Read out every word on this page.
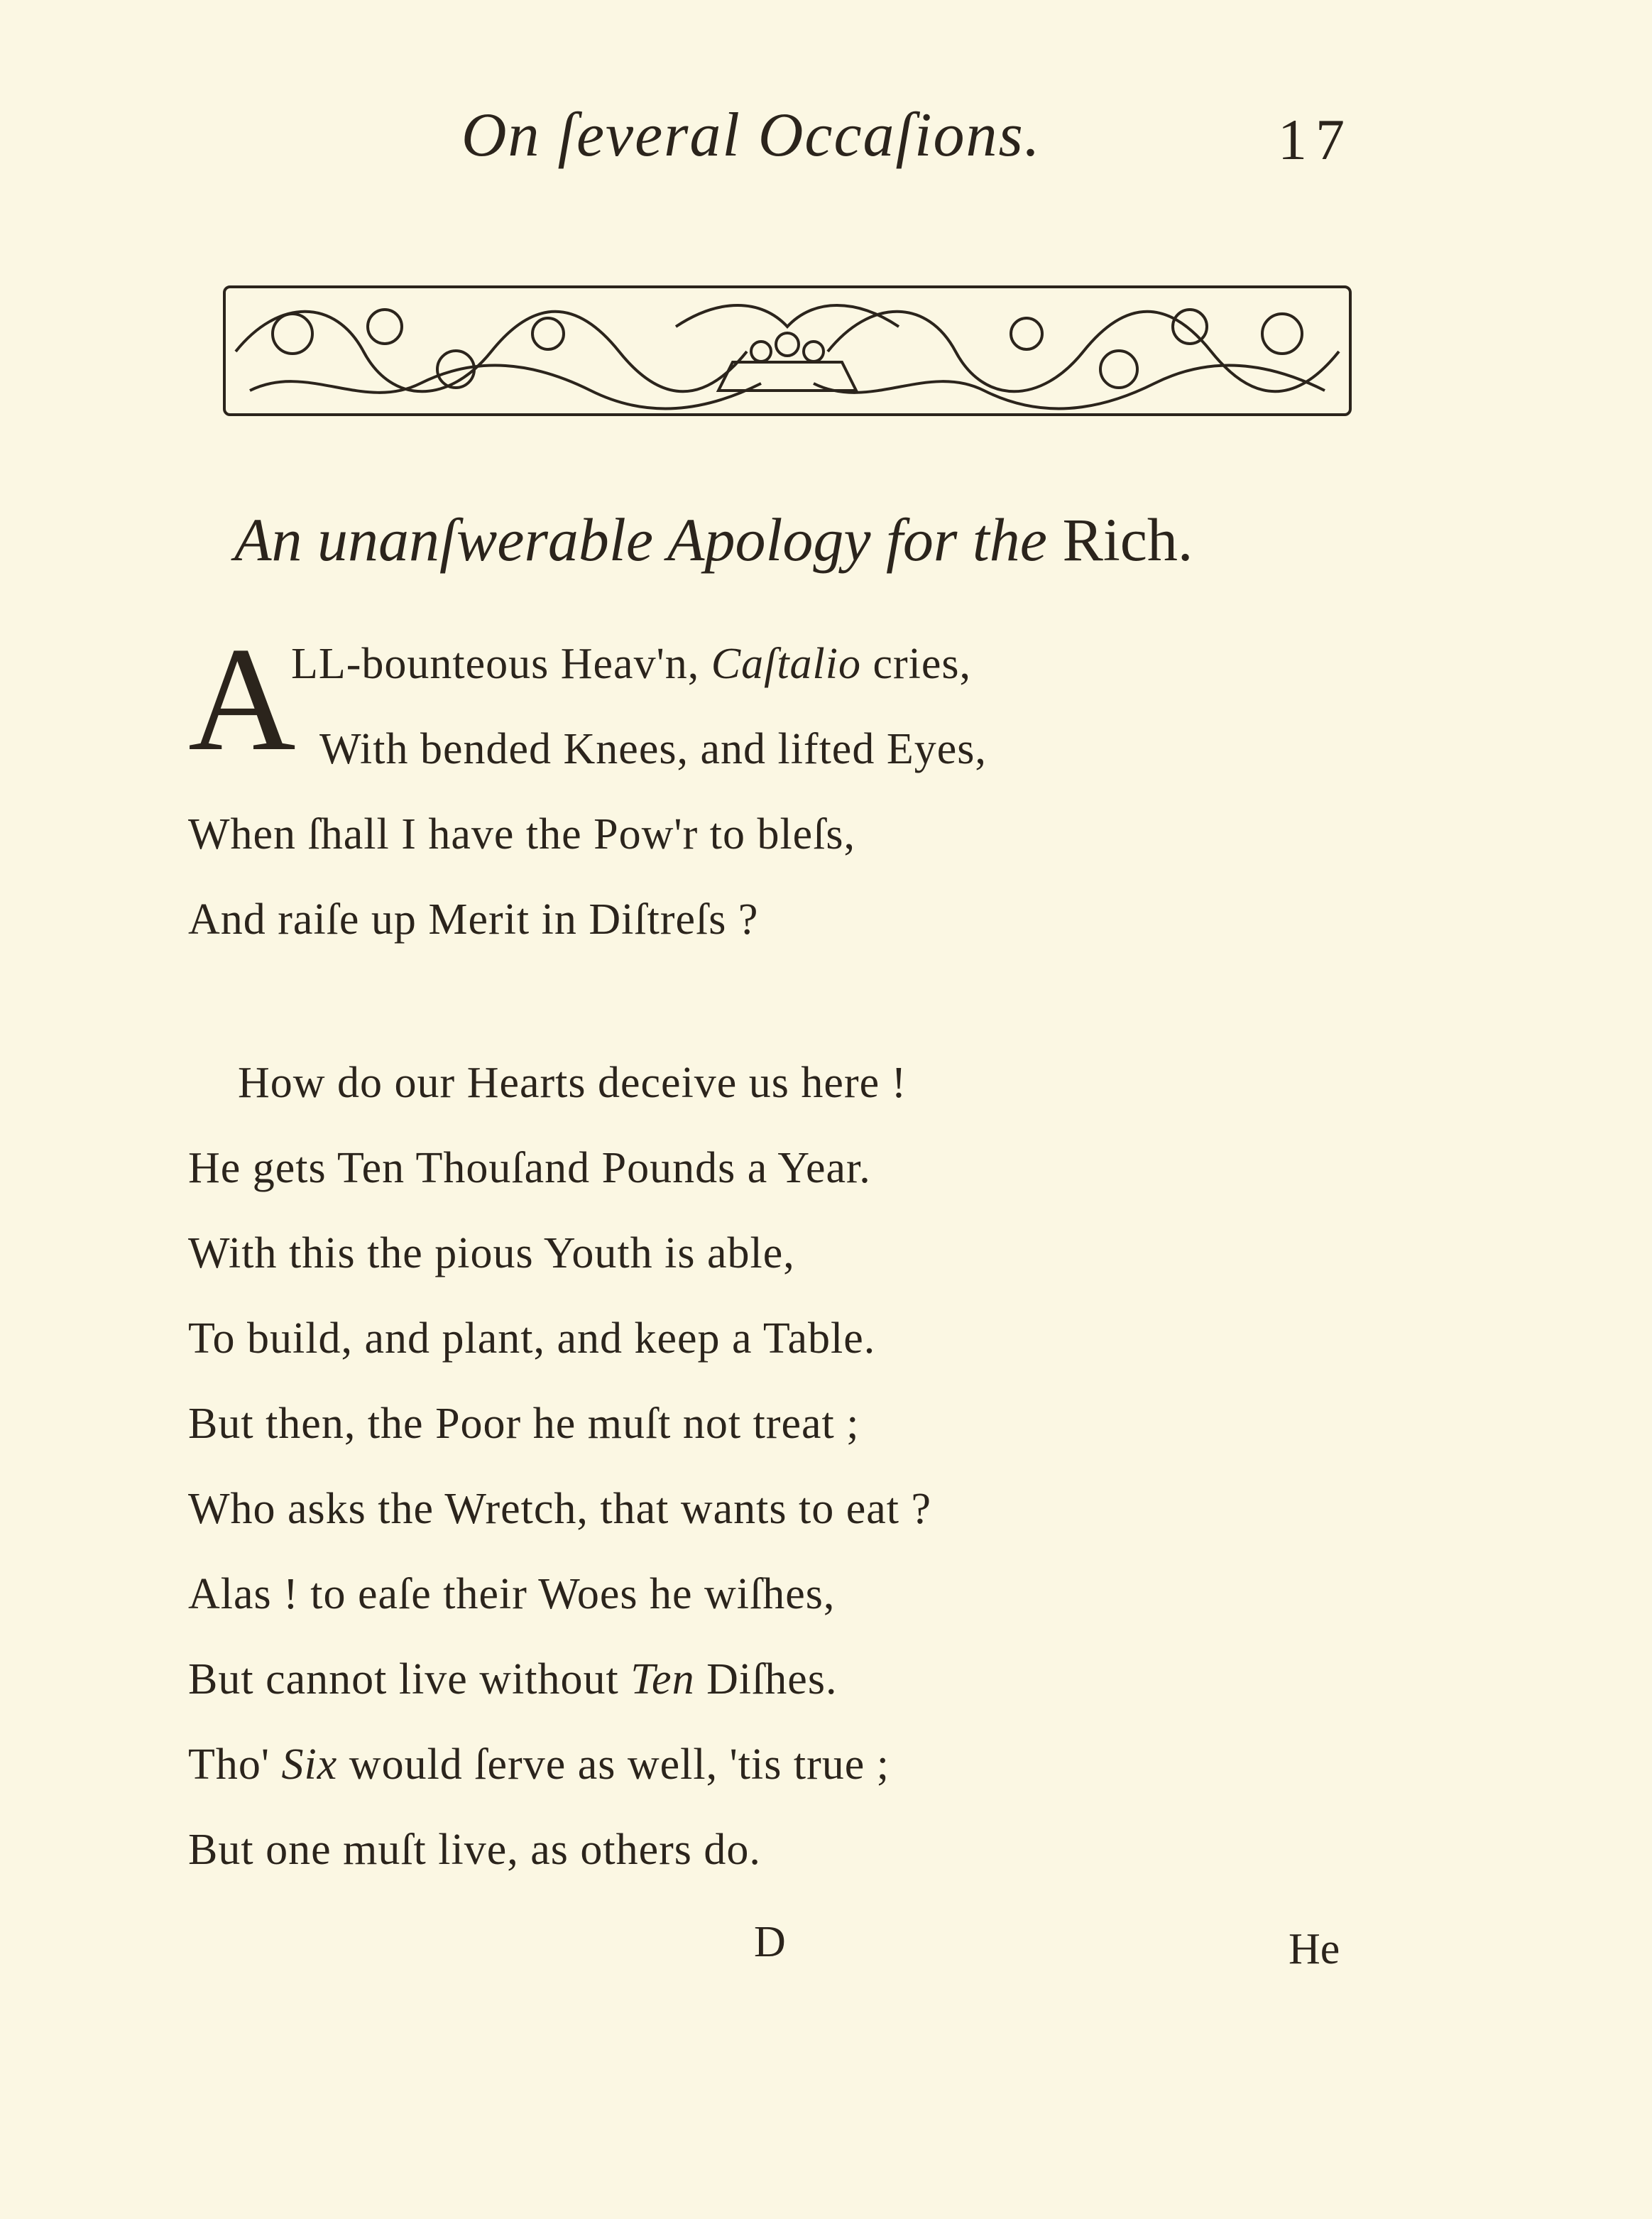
On ſeveral Occaſions.	17
An unanſwerable Apology for the Rich.
A
LL-bounteous Heav'n, Caſtalio cries,
With bended Knees, and lifted Eyes,
When ſhall I have the Pow'r to bleſs,
And raiſe up Merit in Diſtreſs ?
How do our Hearts deceive us here !
He gets Ten Thouſand Pounds a Year.
With this the pious Youth is able,
To build, and plant, and keep a Table.
But then, the Poor he muſt not treat ;
Who asks the Wretch, that wants to eat ?
Alas ! to eaſe their Woes he wiſhes,
But cannot live without Ten Diſhes.
Tho' Six would ſerve as well, 'tis true ;
But one muſt live, as others do.
D	He
